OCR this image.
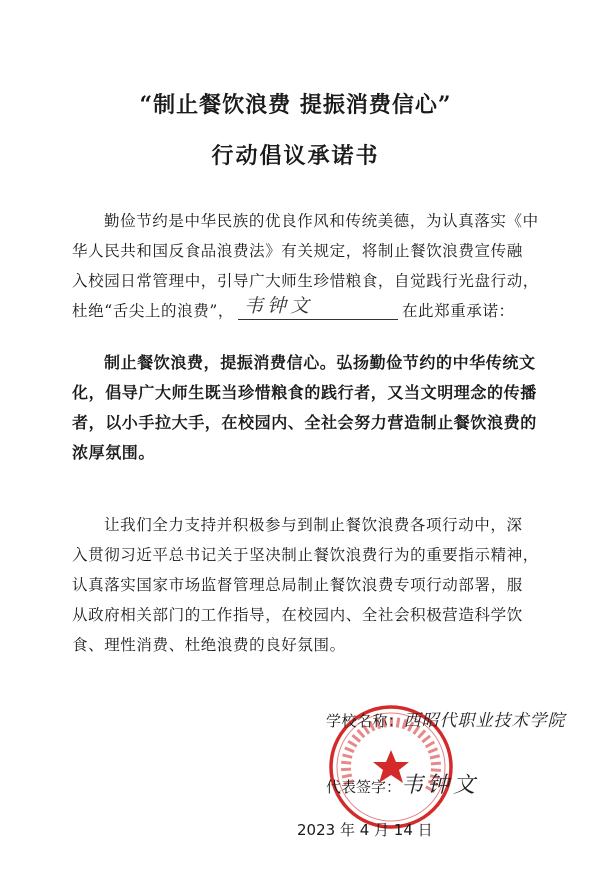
“制止餐饮浪费 提振消费信心”
行动倡议承诺书
勤俭节约是中华民族的优良作风和传统美德，为认真落实《中
华人民共和国反食品浪费法》有关规定，将制止餐饮浪费宣传融
入校园日常管理中，引导广大师生珍惜粮食，自觉践行光盘行动，
杜绝“舌尖上的浪费”， 韦钟文	在此郑重承诺：
制止餐饮浪费，提振消费信心。弘扬勤俭节约的中华传统文
化，倡导广大师生既当珍惜粮食的践行者，又当文明理念的传播
者，以小手拉大手，在校园内、全社会努力营造制止餐饮浪费的
浓厚氛围。
让我们全力支持并积极参与到制止餐饮浪费各项行动中，深
入贯彻习近平总书记关于坚决制止餐饮浪费行为的重要指示精神，
认真落实国家市场监督管理总局制止餐饮浪费专项行动部署，服
从政府相关部门的工作指导，在校园内、全社会积极营造科学饮
食、理性消费、杜绝浪费的良好氛围。
学校名称：西昭代职业技术学院
代表签字：韦钟文
2023 年 4 月 14 日
